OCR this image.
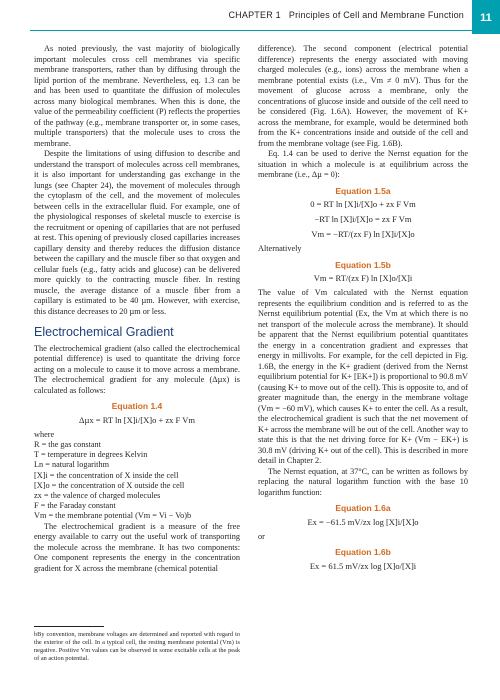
CHAPTER 1 Principles of Cell and Membrane Function	11

As noted previously, the vast majority of biologically important molecules cross cell membranes via specific membrane transporters, rather than by diffusing through the lipid portion of the membrane. Nevertheless, eq. 1.3 can be and has been used to quantitate the diffusion of molecules across many biological membranes. When this is done, the value of the permeability coefficient (P) reflects the properties of the pathway (e.g., membrane transporter or, in some cases, multiple transporters) that the molecule uses to cross the membrane.

Despite the limitations of using diffusion to describe and understand the transport of molecules across cell membranes, it is also important for understanding gas exchange in the lungs (see Chapter 24), the movement of molecules through the cytoplasm of the cell, and the movement of molecules between cells in the extracellular fluid. For example, one of the physiological responses of skeletal muscle to exercise is the recruitment or opening of capillaries that are not perfused at rest. This opening of previously closed capillaries increases capillary density and thereby reduces the diffusion distance between the capillary and the muscle fiber so that oxygen and cellular fuels (e.g., fatty acids and glucose) can be delivered more quickly to the contracting muscle fiber. In resting muscle, the average distance of a muscle fiber from a capillary is estimated to be 40 µm. However, with exercise, this distance decreases to 20 µm or less.

Electrochemical Gradient

The electrochemical gradient (also called the electrochemical potential difference) is used to quantitate the driving force acting on a molecule to cause it to move across a membrane. The electrochemical gradient for any molecule (Δµx) is calculated as follows:

Equation 1.4
Δµx = RT ln [X]i/[X]o + zx F Vm

where

R = the gas constant
T = temperature in degrees Kelvin
Ln = natural logarithm
[X]i = the concentration of X inside the cell
[X]o = the concentration of X outside the cell
zx = the valence of charged molecules
F = the Faraday constant
Vm = the membrane potential (Vm = Vi − Vo)b

The electrochemical gradient is a measure of the free energy available to carry out the useful work of transporting the molecule across the membrane. It has two components: One component represents the energy in the concentration gradient for X across the membrane (chemical potential

bBy convention, membrane voltages are determined and reported with regard to the exterior of the cell. In a typical cell, the resting membrane potential (Vm) is negative. Positive Vm values can be observed in some excitable cells at the peak of an action potential.

difference). The second component (electrical potential difference) represents the energy associated with moving charged molecules (e.g., ions) across the membrane when a membrane potential exists (i.e., Vm ≠ 0 mV). Thus for the movement of glucose across a membrane, only the concentrations of glucose inside and outside of the cell need to be considered (Fig. 1.6A). However, the movement of K+ across the membrane, for example, would be determined both from the K+ concentrations inside and outside of the cell and from the membrane voltage (see Fig. 1.6B).

Eq. 1.4 can be used to derive the Nernst equation for the situation in which a molecule is at equilibrium across the membrane (i.e., Δµ = 0):

Equation 1.5a
0 = RT ln [X]i/[X]o + zx F Vm
−RT ln [X]i/[X]o = zx F Vm
Vm = −RT/(zx F) ln [X]i/[X]o

Alternatively

Equation 1.5b
Vm = RT/(zx F) ln [X]o/[X]i

The value of Vm calculated with the Nernst equation represents the equilibrium condition and is referred to as the Nernst equilibrium potential (Ex, the Vm at which there is no net transport of the molecule across the membrane). It should be apparent that the Nernst equilibrium potential quantitates the energy in a concentration gradient and expresses that energy in millivolts. For example, for the cell depicted in Fig. 1.6B, the energy in the K+ gradient (derived from the Nernst equilibrium potential for K+ [EK+]) is proportional to 90.8 mV (causing K+ to move out of the cell). This is opposite to, and of greater magnitude than, the energy in the membrane voltage (Vm = −60 mV), which causes K+ to enter the cell. As a result, the electrochemical gradient is such that the net movement of K+ across the membrane will be out of the cell. Another way to state this is that the net driving force for K+ (Vm − EK+) is 30.8 mV (driving K+ out of the cell). This is described in more detail in Chapter 2.

The Nernst equation, at 37°C, can be written as follows by replacing the natural logarithm function with the base 10 logarithm function:

Equation 1.6a
Ex = −61.5 mV/zx log [X]i/[X]o

or

Equation 1.6b
Ex = 61.5 mV/zx log [X]o/[X]i
